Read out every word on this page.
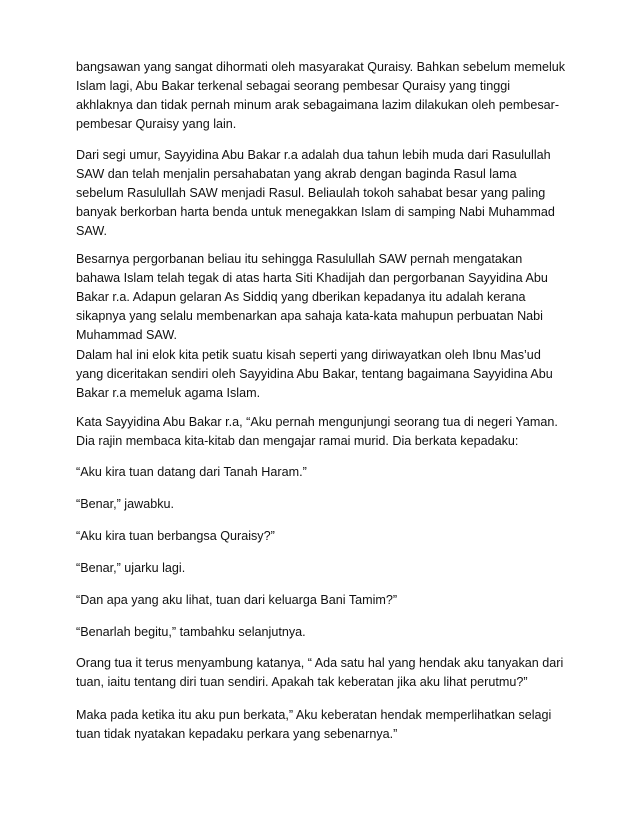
bangsawan yang sangat dihormati oleh masyarakat Quraisy. Bahkan sebelum memeluk
Islam lagi, Abu Bakar terkenal sebagai seorang pembesar Quraisy yang tinggi
akhlaknya dan tidak pernah minum arak sebagaimana lazim dilakukan oleh pembesar-
pembesar Quraisy yang lain.
Dari segi umur, Sayyidina Abu Bakar r.a adalah dua tahun lebih muda dari Rasulullah
SAW dan telah menjalin persahabatan yang akrab dengan baginda Rasul lama
sebelum Rasulullah SAW menjadi Rasul. Beliaulah tokoh sahabat besar yang paling
banyak berkorban harta benda untuk menegakkan Islam di samping Nabi Muhammad
SAW.
Besarnya pergorbanan beliau itu sehingga Rasulullah SAW pernah mengatakan
bahawa Islam telah tegak di atas harta Siti Khadijah dan pergorbanan Sayyidina Abu
Bakar r.a. Adapun gelaran As Siddiq yang dberikan kepadanya itu adalah kerana
sikapnya yang selalu membenarkan apa sahaja kata-kata mahupun perbuatan Nabi
Muhammad SAW.
Dalam hal ini elok kita petik suatu kisah seperti yang diriwayatkan oleh Ibnu Mas’ud
yang diceritakan sendiri oleh Sayyidina Abu Bakar, tentang bagaimana Sayyidina Abu
Bakar r.a memeluk agama Islam.
Kata Sayyidina Abu Bakar r.a, “Aku pernah mengunjungi seorang tua di negeri Yaman.
Dia rajin membaca kita-kitab dan mengajar ramai murid. Dia berkata kepadaku:
“Aku kira tuan datang dari Tanah Haram.”
“Benar,” jawabku.
“Aku kira tuan berbangsa Quraisy?”
“Benar,” ujarku lagi.
“Dan apa yang aku lihat, tuan dari keluarga Bani Tamim?”
“Benarlah begitu,” tambahku selanjutnya.
Orang tua it terus menyambung katanya, “ Ada satu hal yang hendak aku tanyakan dari
tuan, iaitu tentang diri tuan sendiri. Apakah tak keberatan jika aku lihat perutmu?”
Maka pada ketika itu aku pun berkata,” Aku keberatan hendak memperlihatkan selagi
tuan tidak nyatakan kepadaku perkara yang sebenarnya.”
